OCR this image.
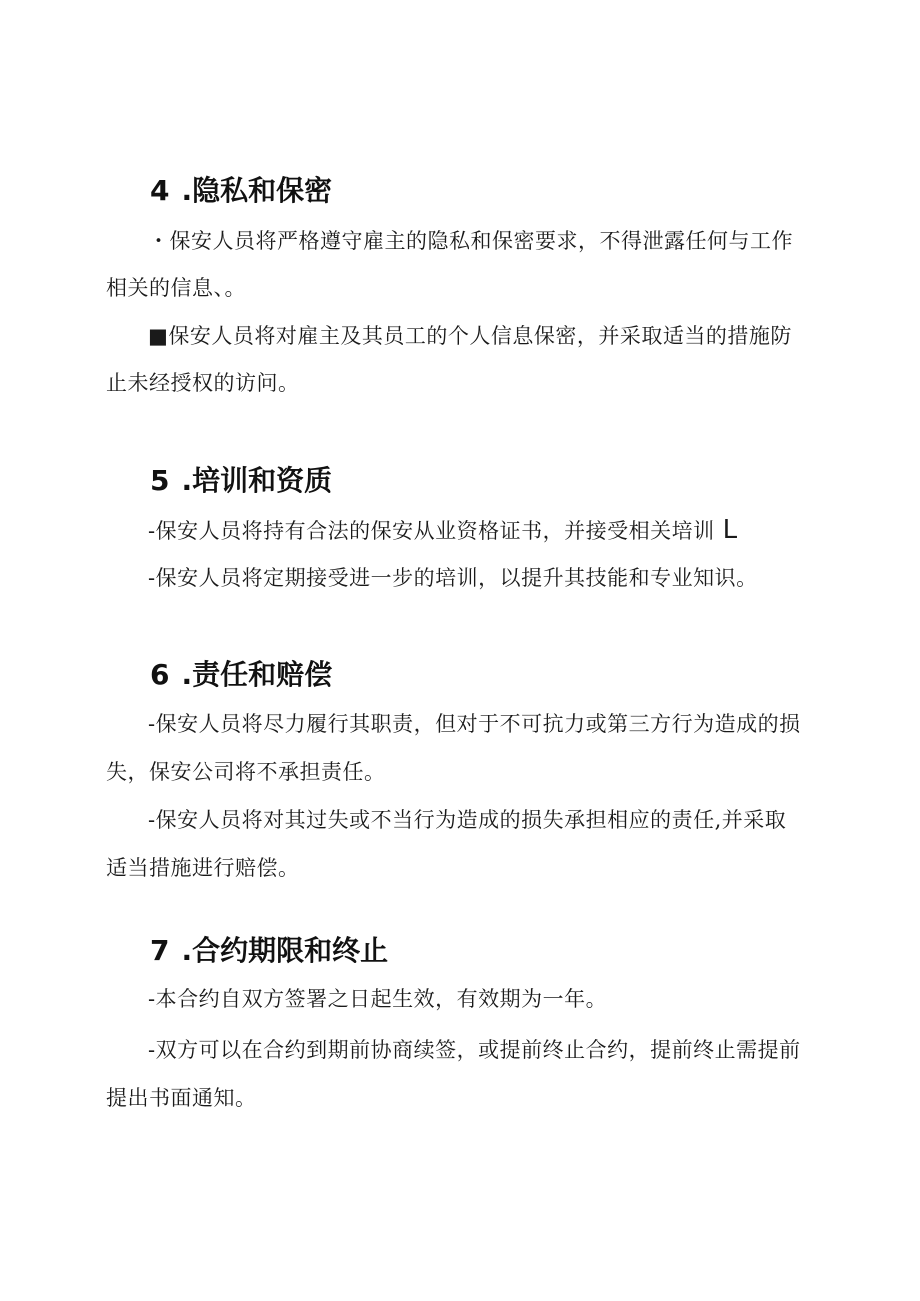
4 .隐私和保密
・保安人员将严格遵守雇主的隐私和保密要求，不得泄露任何与工作
相关的信息、。
■保安人员将对雇主及其员工的个人信息保密，并采取适当的措施防
止未经授权的访问。
5 .培训和资质
-保安人员将持有合法的保安从业资格证书，并接受相关培训 L
-保安人员将定期接受进一步的培训，以提升其技能和专业知识。
6 .责任和赔偿
-保安人员将尽力履行其职责，但对于不可抗力或第三方行为造成的损
失，保安公司将不承担责任。
-保安人员将对其过失或不当行为造成的损失承担相应的责任,并采取
适当措施进行赔偿。
7 .合约期限和终止
-本合约自双方签署之日起生效，有效期为一年。
-双方可以在合约到期前协商续签，或提前终止合约，提前终止需提前
提出书面通知。
